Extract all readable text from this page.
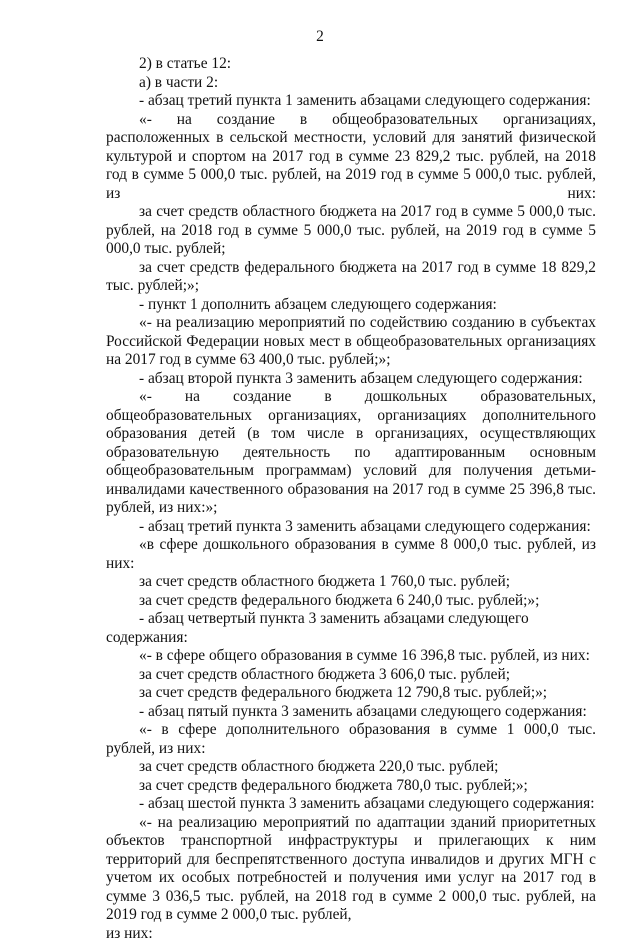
2

2) в статье 12:

а) в части 2:

- абзац третий пункта 1 заменить абзацами следующего содержания:

«- на создание в общеобразовательных организациях, расположенных в сельской местности, условий для занятий физической культурой и спортом на 2017 год в сумме 23 829,2 тыс. рублей, на 2018 год в сумме 5 000,0 тыс. рублей, на 2019 год в сумме 5 000,0 тыс. рублей, из них:

за счет средств областного бюджета на 2017 год в сумме 5 000,0 тыс. рублей, на 2018 год в сумме 5 000,0 тыс. рублей, на 2019 год в сумме 5 000,0 тыс. рублей;

за счет средств федерального бюджета на 2017 год в сумме 18 829,2 тыс. рублей;»;

- пункт 1 дополнить абзацем следующего содержания:

«- на реализацию мероприятий по содействию созданию в субъектах Российской Федерации новых мест в общеобразовательных организациях на 2017 год в сумме 63 400,0 тыс. рублей;»;

- абзац второй пункта 3 заменить абзацем следующего содержания:

«- на создание в дошкольных образовательных, общеобразовательных организациях, организациях дополнительного образования детей (в том числе в организациях, осуществляющих образовательную деятельность по адаптированным основным общеобразовательным программам) условий для получения детьми-инвалидами качественного образования на 2017 год в сумме 25 396,8 тыс. рублей, из них:»;

- абзац третий пункта 3 заменить абзацами следующего содержания:

«в сфере дошкольного образования в сумме 8 000,0 тыс. рублей, из них:

за счет средств областного бюджета 1 760,0 тыс. рублей;

за счет средств федерального бюджета 6 240,0 тыс. рублей;»;

- абзац четвертый пункта 3 заменить абзацами следующего содержания:

«- в сфере общего образования в сумме 16 396,8 тыс. рублей, из них:

за счет средств областного бюджета 3 606,0 тыс. рублей;

за счет средств федерального бюджета 12 790,8 тыс. рублей;»;

- абзац пятый пункта 3 заменить абзацами следующего содержания:

«- в сфере дополнительного образования в сумме 1 000,0 тыс. рублей, из них:

за счет средств областного бюджета 220,0 тыс. рублей;

за счет средств федерального бюджета 780,0 тыс. рублей;»;

- абзац шестой пункта 3 заменить абзацами следующего содержания:

«- на реализацию мероприятий по адаптации зданий приоритетных объектов транспортной инфраструктуры и прилегающих к ним территорий для беспрепятственного доступа инвалидов и других МГН с учетом их особых потребностей и получения ими услуг на 2017 год в сумме 3 036,5 тыс. рублей, на 2018 год в сумме 2 000,0 тыс. рублей, на 2019 год в сумме 2 000,0 тыс. рублей,

из них:
